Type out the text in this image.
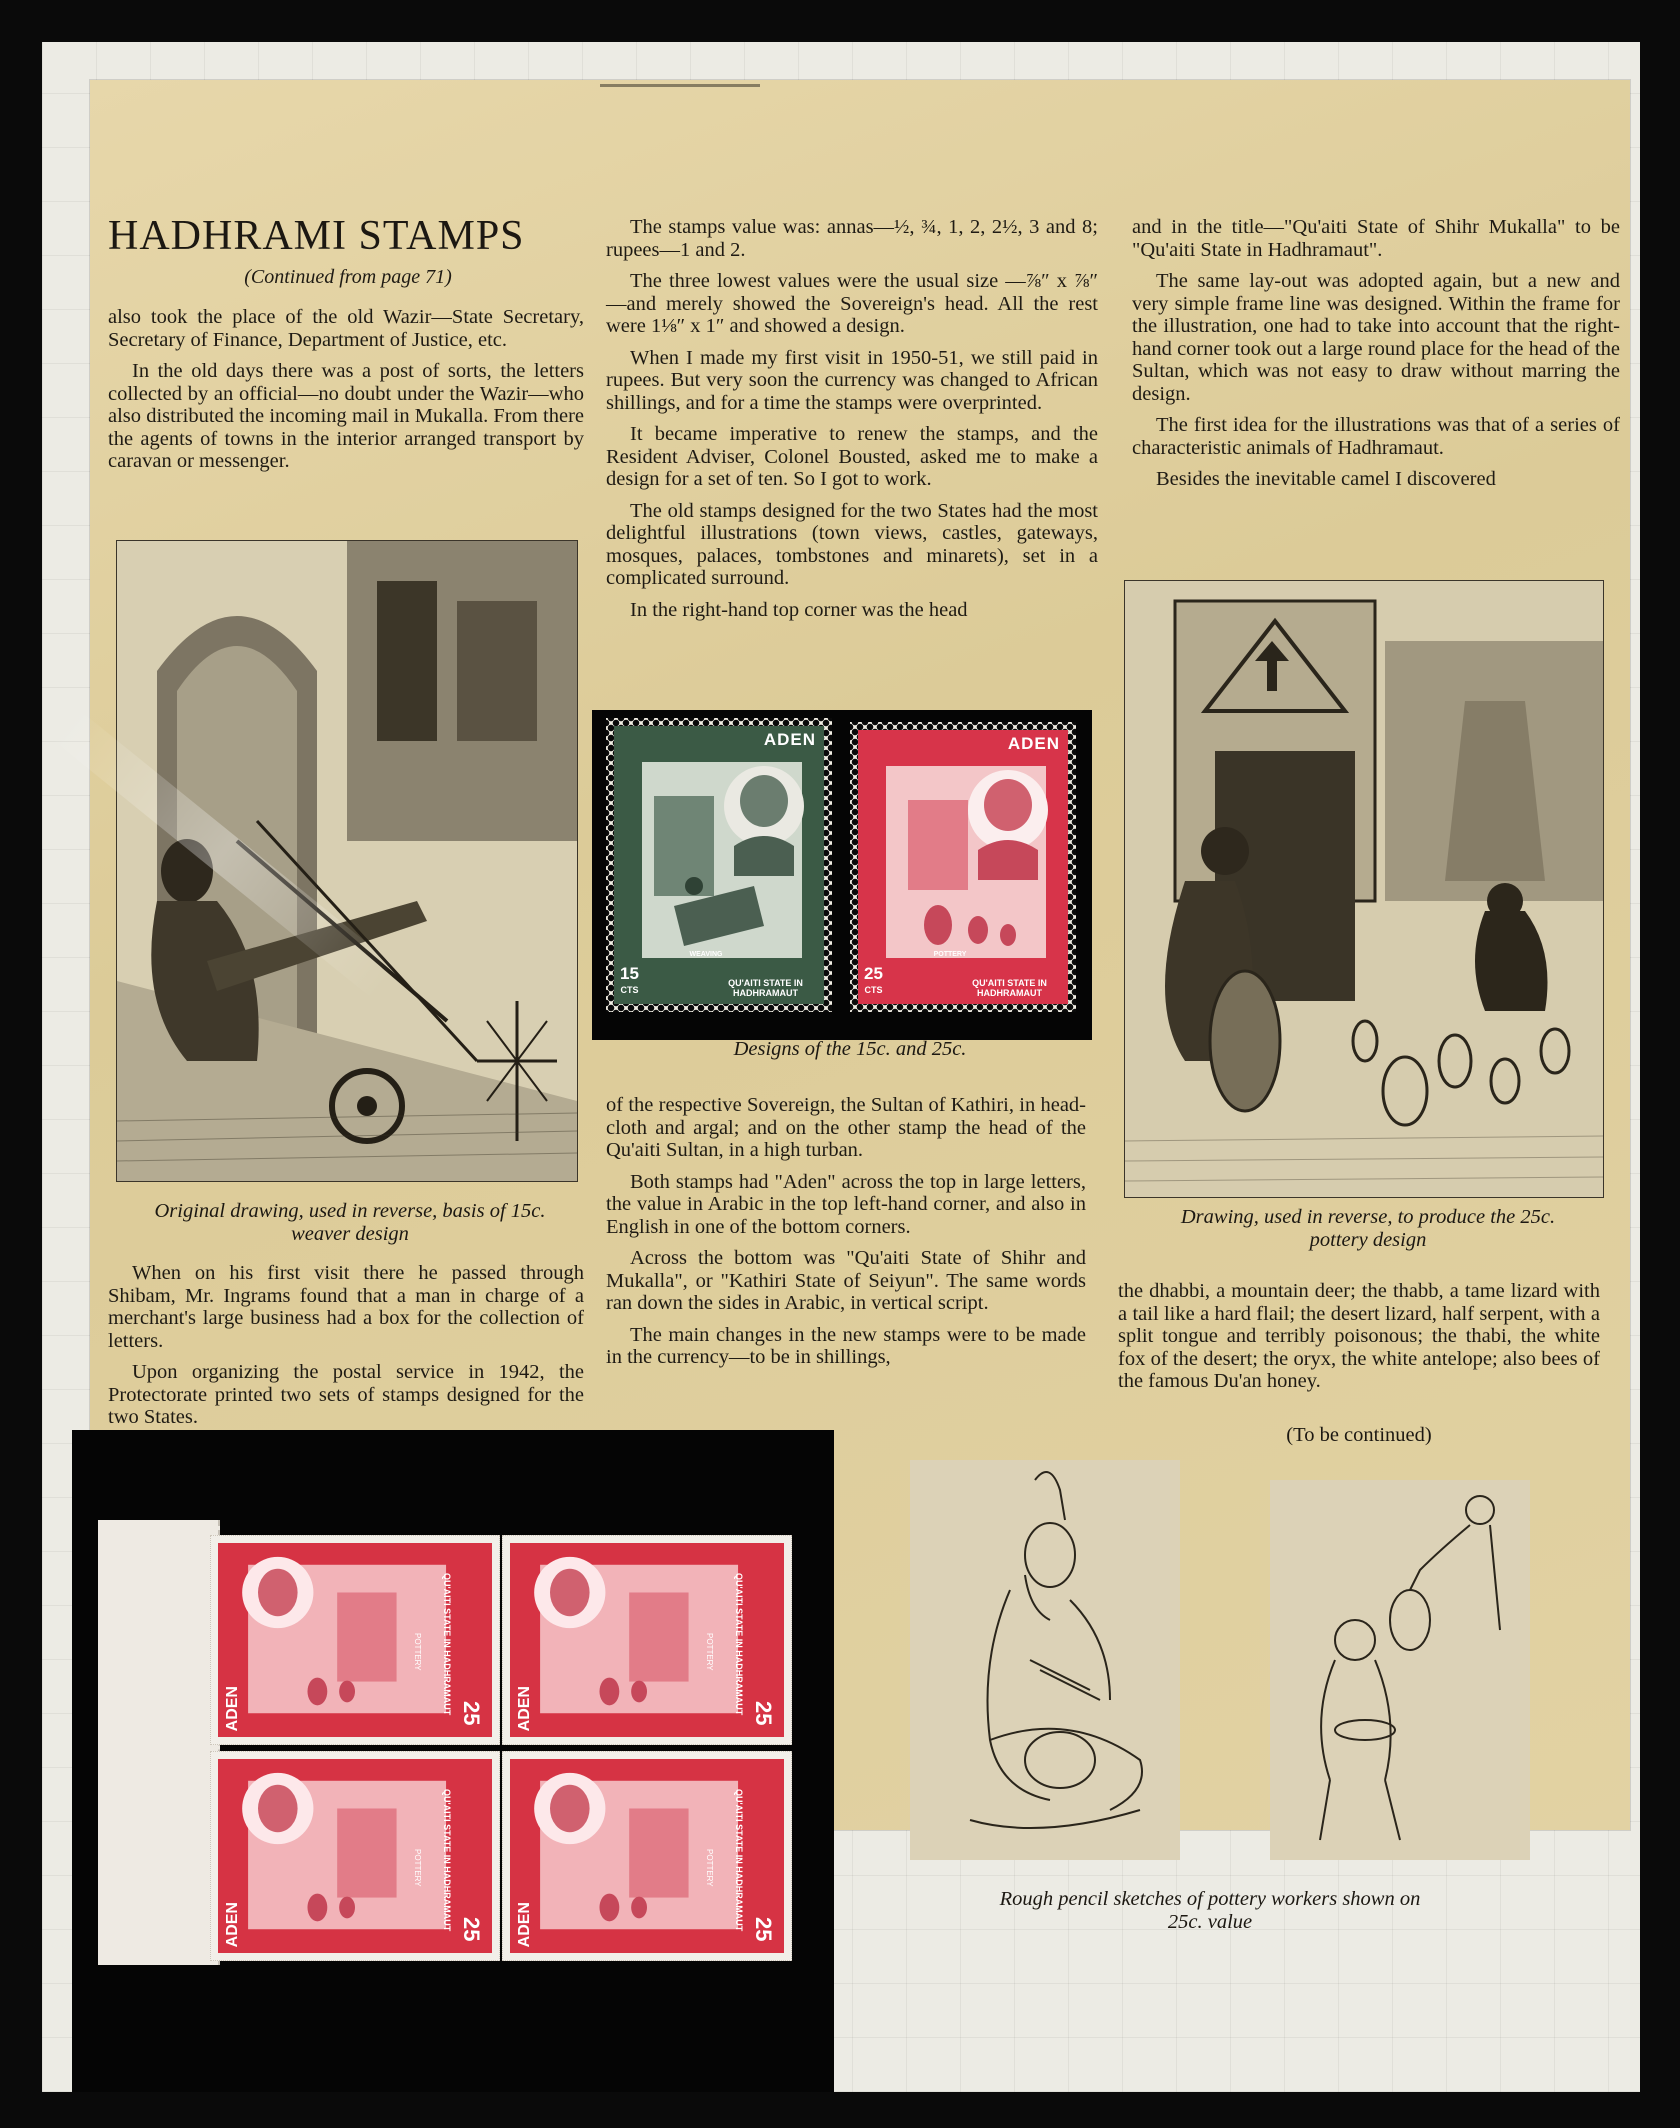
HADHRAMI STAMPS
(Continued from page 71)

also took the place of the old Wazir—State Secretary, Secretary of Finance, Department of Justice, etc.

In the old days there was a post of sorts, the letters collected by an official—no doubt under the Wazir—who also distributed the incoming mail in Mukalla. From there the agents of towns in the interior arranged transport by caravan or messenger.

Original drawing, used in reverse, basis of 15c. weaver design

When on his first visit there he passed through Shibam, Mr. Ingrams found that a man in charge of a merchant's large business had a box for the collection of letters.

Upon organizing the postal service in 1942, the Protectorate printed two sets of stamps designed for the two States.

The stamps value was: annas—½, ¾, 1, 2, 2½, 3 and 8; rupees—1 and 2.

The three lowest values were the usual size —⅞″ x ⅞″—and merely showed the Sovereign's head. All the rest were 1⅛″ x 1″ and showed a design.

When I made my first visit in 1950-51, we still paid in rupees. But very soon the currency was changed to African shillings, and for a time the stamps were overprinted.

It became imperative to renew the stamps, and the Resident Adviser, Colonel Bousted, asked me to make a design for a set of ten. So I got to work.

The old stamps designed for the two States had the most delightful illustrations (town views, castles, gateways, mosques, palaces, tombstones and minarets), set in a complicated surround.

In the right-hand top corner was the head

ADEN
WEAVING
15
CTS
QU'AITI STATE IN HADHRAMAUT
ADEN
POTTERY
25
CTS
QU'AITI STATE IN HADHRAMAUT
Designs of the 15c. and 25c.

of the respective Sovereign, the Sultan of Kathiri, in head-cloth and argal; and on the other stamp the head of the Qu'aiti Sultan, in a high turban.

Both stamps had "Aden" across the top in large letters, the value in Arabic in the top left-hand corner, and also in English in one of the bottom corners.

Across the bottom was "Qu'aiti State of Shihr and Mukalla", or "Kathiri State of Seiyun". The same words ran down the sides in Arabic, in vertical script.

The main changes in the new stamps were to be made in the currency—to be in shillings,

and in the title—"Qu'aiti State of Shihr Mukalla" to be "Qu'aiti State in Hadhramaut".

The same lay-out was adopted again, but a new and very simple frame line was designed. Within the frame for the illustration, one had to take into account that the right-hand corner took out a large round place for the head of the Sultan, which was not easy to draw without marring the design.

The first idea for the illustrations was that of a series of characteristic animals of Hadhramaut.

Besides the inevitable camel I discovered

Drawing, used in reverse, to produce the 25c. pottery design

the dhabbi, a mountain deer; the thabb, a tame lizard with a tail like a hard flail; the desert lizard, half serpent, with a split tongue and terribly poisonous; the thabi, the white fox of the desert; the oryx, the white antelope; also bees of the famous Du'an honey.

(To be continued)
Rough pencil sketches of pottery workers shown on 25c. value
ADEN	25
QU'AITI STATE IN HADHRAMAUT
POTTERY
ADEN	25
QU'AITI STATE IN HADHRAMAUT
POTTERY
ADEN	25
QU'AITI STATE IN HADHRAMAUT
POTTERY
ADEN	25
QU'AITI STATE IN HADHRAMAUT
POTTERY
